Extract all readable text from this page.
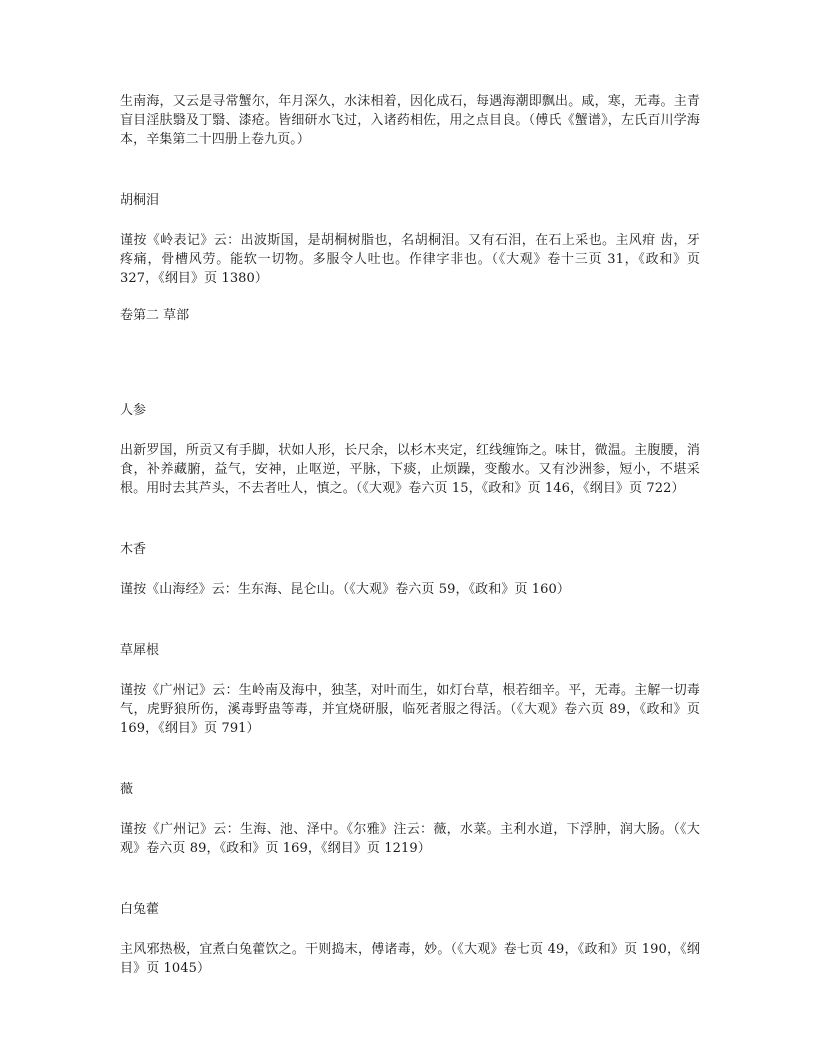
生南海，又云是寻常蟹尔，年月深久，水沫相着，因化成石，每遇海潮即飘出。咸，寒，无毒。主青盲目淫肤翳及丁翳、漆疮。皆细研水飞过，入诸药相佐，用之点目良。（傅氏《蟹谱》，左氏百川学海本，辛集第二十四册上卷九页。）

胡桐泪

谨按《岭表记》云：出波斯国，是胡桐树脂也，名胡桐泪。又有石泪，在石上采也。主风疳 齿，牙疼痛，骨槽风劳。能软一切物。多服令人吐也。作律字非也。（《大观》卷十三页 31，《政和》页 327，《纲目》页 1380）

卷第二 草部

人参

出新罗国，所贡又有手脚，状如人形，长尺余，以杉木夹定，红线缠饰之。味甘，微温。主腹腰，消食，补养藏腑，益气，安神，止呕逆，平脉，下痰，止烦躁，变酸水。又有沙洲参，短小，不堪采根。用时去其芦头，不去者吐人，慎之。（《大观》卷六页 15，《政和》页 146，《纲目》页 722）

木香

谨按《山海经》云：生东海、昆仑山。（《大观》卷六页 59，《政和》页 160）

草犀根

谨按《广州记》云：生岭南及海中，独茎，对叶而生，如灯台草，根若细辛。平，无毒。主解一切毒气，虎野狼所伤，溪毒野蛊等毒，并宜烧研服，临死者服之得活。（《大观》卷六页 89，《政和》页 169，《纲目》页 791）

薇

谨按《广州记》云：生海、池、泽中。《尔雅》注云：薇，水菜。主利水道，下浮肿，润大肠。（《大观》卷六页 89，《政和》页 169，《纲目》页 1219）

白兔藿

主风邪热极，宜煮白兔藿饮之。干则捣末，傅诸毒，妙。（《大观》卷七页 49，《政和》页 190，《纲目》页 1045）
